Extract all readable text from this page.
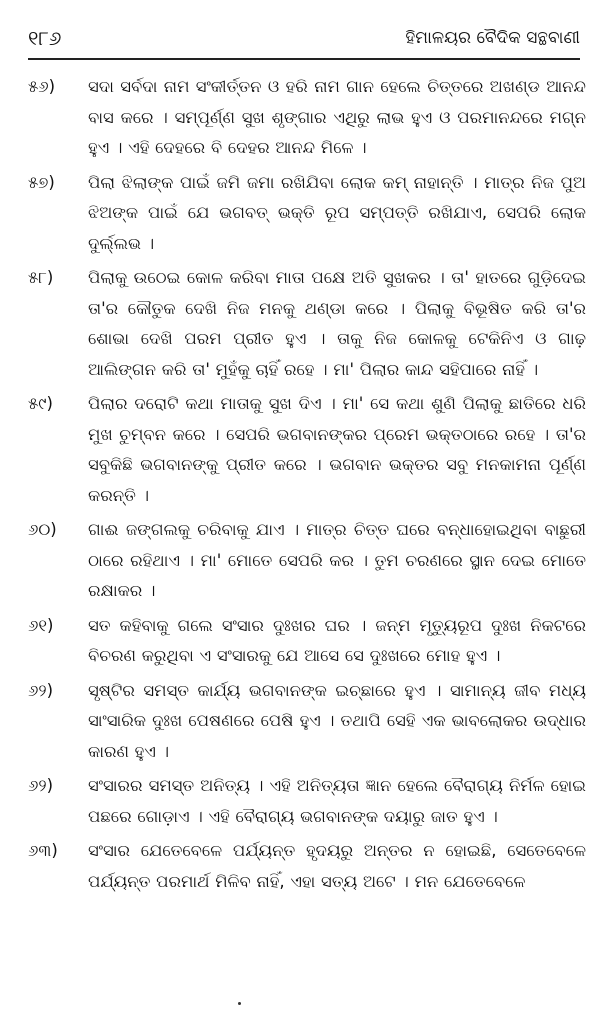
୧୮୬	ହିମାଳୟର ବୈଦିକ ସନ୍ଥବାଣୀ
୫୬)	ସଦା ସର୍ବଦା ନାମ ସଂକୀର୍ତ୍ତନ ଓ ହରି ନାମ ଗାନ ହେଲେ ଚିତ୍ତରେ ଅଖଣ୍ଡ ଆନନ୍ଦ ବାସ କରେ । ସମ୍ପୂର୍ଣ୍ଣ ସୁଖ ଶୃଙ୍ଗାର ଏଥିରୁ ଲାଭ ହୁଏ ଓ ପରମାନନ୍ଦରେ ମଗ୍ନ ହୁଏ । ଏହି ଦେହରେ ବି ଦେହର ଆନନ୍ଦ ମିଳେ ।
୫୭)	ପିଲା ଝିଲାଙ୍କ ପାଇଁ ଜମି ଜମା ରଖିଯିବା ଲୋକ କମ୍ ନାହାନ୍ତି । ମାତ୍ର ନିଜ ପୁଅ ଝିଅଙ୍କ ପାଇଁ ଯେ ଭଗବତ୍ ଭକ୍ତି ରୂପ ସମ୍ପତ୍ତି ରଖିଯାଏ, ସେପରି ଲୋକ ଦୁର୍ଲ୍ଲଭ ।
୫୮)	ପିଲାକୁ ଉଠେଇ କୋଳ କରିବା ମାତା ପକ୍ଷେ ଅତି ସୁଖକର । ତା' ହାତରେ ଗୁଡ଼ିଦେଇ ତା'ର କୌତୁକ ଦେଖି ନିଜ ମନକୁ ଥଣ୍ଡା କରେ । ପିଲାକୁ ବିଭୂଷିତ କରି ତା'ର ଶୋଭା ଦେଖି ପରମ ପ୍ରୀତ ହୁଏ । ତାକୁ ନିଜ କୋଳକୁ ଟେକିନିଏ ଓ ଗାଢ଼ ଆଲିଙ୍ଗନ କରି ତା' ମୁହଁକୁ ଚାହିଁ ରହେ । ମା' ପିଲାର କାନ୍ଦ ସହିପାରେ ନାହିଁ ।
୫୯)	ପିଲାର ଦରୋଟି କଥା ମାତାକୁ ସୁଖ ଦିଏ । ମା' ସେ କଥା ଶୁଣି ପିଲାକୁ ଛାତିରେ ଧରି ମୁଖ ଚୁମ୍ବନ କରେ । ସେପରି ଭଗବାନଙ୍କର ପ୍ରେମ ଭକ୍ତଠାରେ ରହେ । ତା'ର ସବୁକିଛି ଭଗବାନଙ୍କୁ ପ୍ରୀତ କରେ । ଭଗବାନ ଭକ୍ତର ସବୁ ମନକାମନା ପୂର୍ଣ୍ଣ କରନ୍ତି ।
୬୦)	ଗାଈ ଜଙ୍ଗଲକୁ ଚରିବାକୁ ଯାଏ । ମାତ୍ର ଚିତ୍ତ ଘରେ ବନ୍ଧାହୋଇଥିବା ବାଛୁରୀ ଠାରେ ରହିଥାଏ । ମା' ମୋତେ ସେପରି କର । ତୁମ ଚରଣରେ ସ୍ଥାନ ଦେଇ ମୋତେ ରକ୍ଷାକର ।
୬୧)	ସତ କହିବାକୁ ଗଲେ ସଂସାର ଦୁଃଖର ଘର । ଜନ୍ମ ମୃତ୍ୟୁରୂପ ଦୁଃଖ ନିକଟରେ ବିଚରଣ କରୁଥିବା ଏ ସଂସାରକୁ ଯେ ଆସେ ସେ ଦୁଃଖରେ ମୋହ ହୁଏ ।
୬୨)	ସୃଷ୍ଟିର ସମସ୍ତ କାର୍ଯ୍ୟ ଭଗବାନଙ୍କ ଇଚ୍ଛାରେ ହୁଏ । ସାମାନ୍ୟ ଜୀବ ମଧ୍ୟ ସାଂସାରିକ ଦୁଃଖ ପେଷଣରେ ପେଷି ହୁଏ । ତଥାପି ସେହି ଏକ ଭାବଲୋକର ଉଦ୍ଧାର କାରଣ ହୁଏ ।
୬୨)	ସଂସାରର ସମସ୍ତ ଅନିତ୍ୟ । ଏହି ଅନିତ୍ୟତା ଜ୍ଞାନ ହେଲେ ବୈରାଗ୍ୟ ନିର୍ମଳ ହୋଇ ପଛରେ ଗୋଡ଼ାଏ । ଏହି ବୈରାଗ୍ୟ ଭଗବାନଙ୍କ ଦୟାରୁ ଜାତ ହୁଏ ।
୬୩)	ସଂସାର ଯେତେବେଳେ ପର୍ଯ୍ୟନ୍ତ ହୃଦୟରୁ ଅନ୍ତର ନ ହୋଇଛି, ସେତେବେଳେ ପର୍ଯ୍ୟନ୍ତ ପରମାର୍ଥ ମିଳିବ ନାହିଁ, ଏହା ସତ୍ୟ ଅଟେ । ମନ ଯେତେବେଳେ
